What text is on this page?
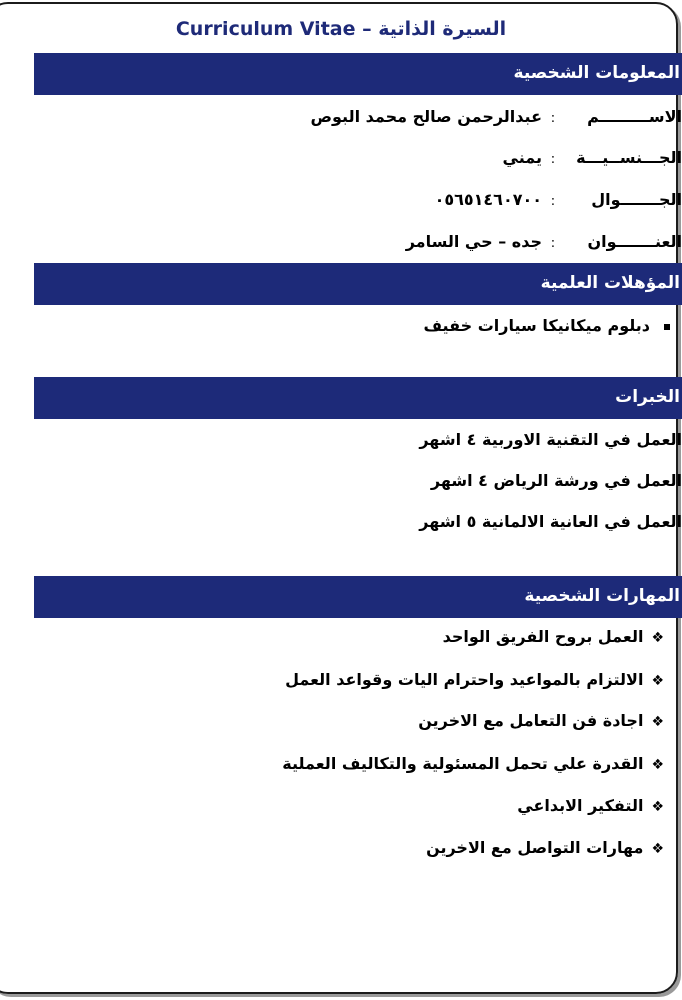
السيرة الذاتية – Curriculum Vitae
المعلومات الشخصية
الاســـــــــم:عبدالرحمن صالح محمد البوص
الجـــنســيـــة:يمني
الجـــــــوال:٠٥٦٥١٤٦٠٧٠٠
العنـــــــوان:جده – حي السامر
المؤهلات العلمية
دبلوم ميكانيكا سيارات خفيف
الخبرات
العمل في التقنية الاوربية ٤ اشهر
العمل في ورشة الرياض ٤ اشهر
العمل في العانية الالمانية ٥ اشهر
المهارات الشخصية
❖العمل بروح الفريق الواحد
❖الالتزام بالمواعيد واحترام اليات وقواعد العمل
❖اجادة فن التعامل مع الاخرين
❖القدرة علي تحمل المسئولية والتكاليف العملية
❖التفكير الابداعي
❖مهارات التواصل مع الاخرين
